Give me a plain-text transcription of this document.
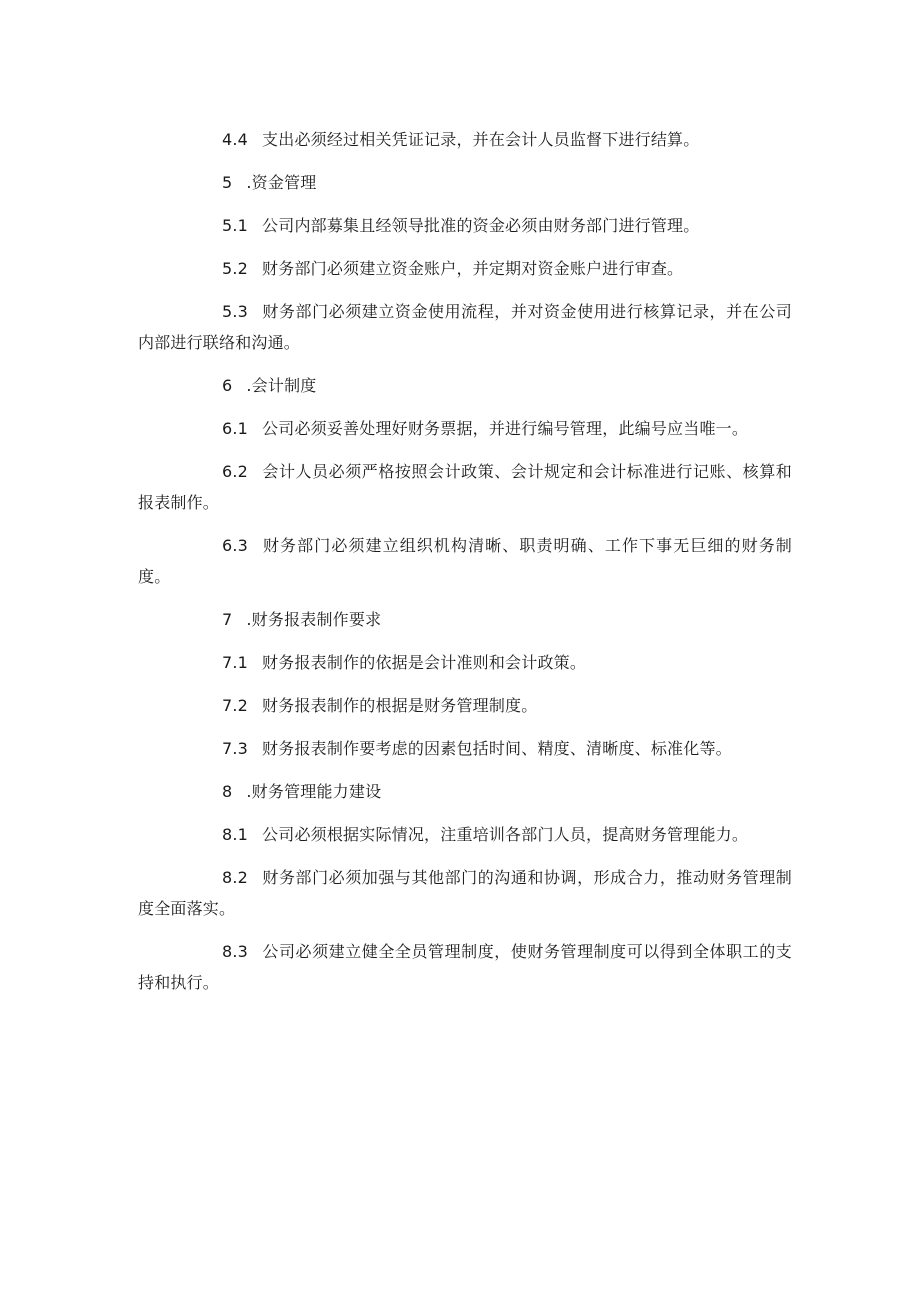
4.4 支出必须经过相关凭证记录，并在会计人员监督下进行结算。

5 .资金管理

5.1 公司内部募集且经领导批准的资金必须由财务部门进行管理。

5.2 财务部门必须建立资金账户，并定期对资金账户进行审查。

5.3 财务部门必须建立资金使用流程，并对资金使用进行核算记录，并在公司内部进行联络和沟通。

6 .会计制度

6.1 公司必须妥善处理好财务票据，并进行编号管理，此编号应当唯一。

6.2 会计人员必须严格按照会计政策、会计规定和会计标准进行记账、核算和报表制作。

6.3 财务部门必须建立组织机构清晰、职责明确、工作下事无巨细的财务制度。

7 .财务报表制作要求

7.1 财务报表制作的依据是会计准则和会计政策。

7.2 财务报表制作的根据是财务管理制度。

7.3 财务报表制作要考虑的因素包括时间、精度、清晰度、标准化等。

8 .财务管理能力建设

8.1 公司必须根据实际情况，注重培训各部门人员，提高财务管理能力。

8.2 财务部门必须加强与其他部门的沟通和协调，形成合力，推动财务管理制度全面落实。

8.3 公司必须建立健全全员管理制度，使财务管理制度可以得到全体职工的支持和执行。
